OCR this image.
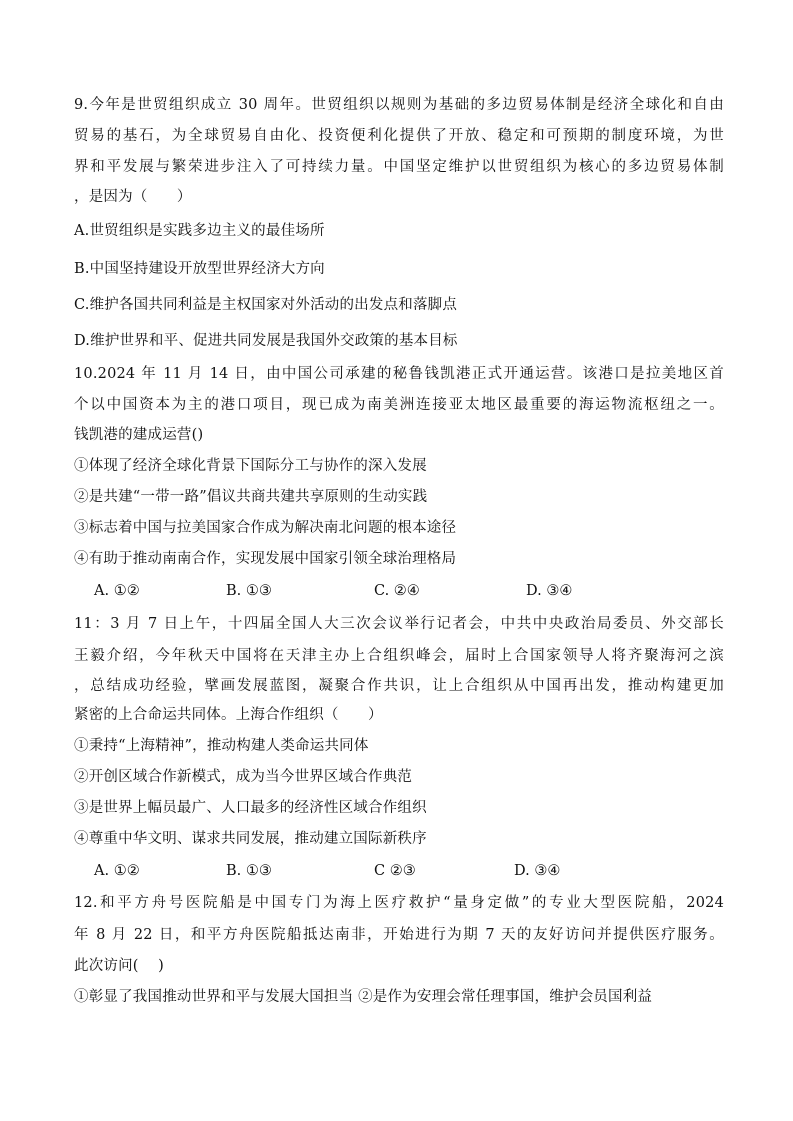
9.今年是世贸组织成立 30 周年。世贸组织以规则为基础的多边贸易体制是经济全球化和自由
贸易的基石，为全球贸易自由化、投资便利化提供了开放、稳定和可预期的制度环境，为世
界和平发展与繁荣进步注入了可持续力量。中国坚定维护以世贸组织为核心的多边贸易体制
，是因为（　　）
A.世贸组织是实践多边主义的最佳场所
B.中国坚持建设开放型世界经济大方向
C.维护各国共同利益是主权国家对外活动的出发点和落脚点
D.维护世界和平、促进共同发展是我国外交政策的基本目标
10.2024 年 11 月 14 日，由中国公司承建的秘鲁钱凯港正式开通运营。该港口是拉美地区首
个以中国资本为主的港口项目，现已成为南美洲连接亚太地区最重要的海运物流枢纽之一。
钱凯港的建成运营()
①体现了经济全球化背景下国际分工与协作的深入发展
②是共建“一带一路”倡议共商共建共享原则的生动实践
③标志着中国与拉美国家合作成为解决南北问题的根本途径
④有助于推动南南合作，实现发展中国家引领全球治理格局
A. ①②	B. ①③	C. ②④	D. ③④
11：3 月 7 日上午，十四届全国人大三次会议举行记者会，中共中央政治局委员、外交部长
王毅介绍，今年秋天中国将在天津主办上合组织峰会，届时上合国家领导人将齐聚海河之滨
，总结成功经验，擘画发展蓝图，凝聚合作共识，让上合组织从中国再出发，推动构建更加
紧密的上合命运共同体。上海合作组织（　　）
①秉持“上海精神”，推动构建人类命运共同体
②开创区域合作新模式，成为当今世界区域合作典范
③是世界上幅员最广、人口最多的经济性区域合作组织
④尊重中华文明、谋求共同发展，推动建立国际新秩序
A. ①②	B. ①③	C ②③	D. ③④
12.和平方舟号医院船是中国专门为海上医疗救护“量身定做”的专业大型医院船，2024
年 8 月 22 日，和平方舟医院船抵达南非，开始进行为期 7 天的友好访问并提供医疗服务。
此次访问(　 )
①彰显了我国推动世界和平与发展大国担当 ②是作为安理会常任理事国，维护会员国利益
